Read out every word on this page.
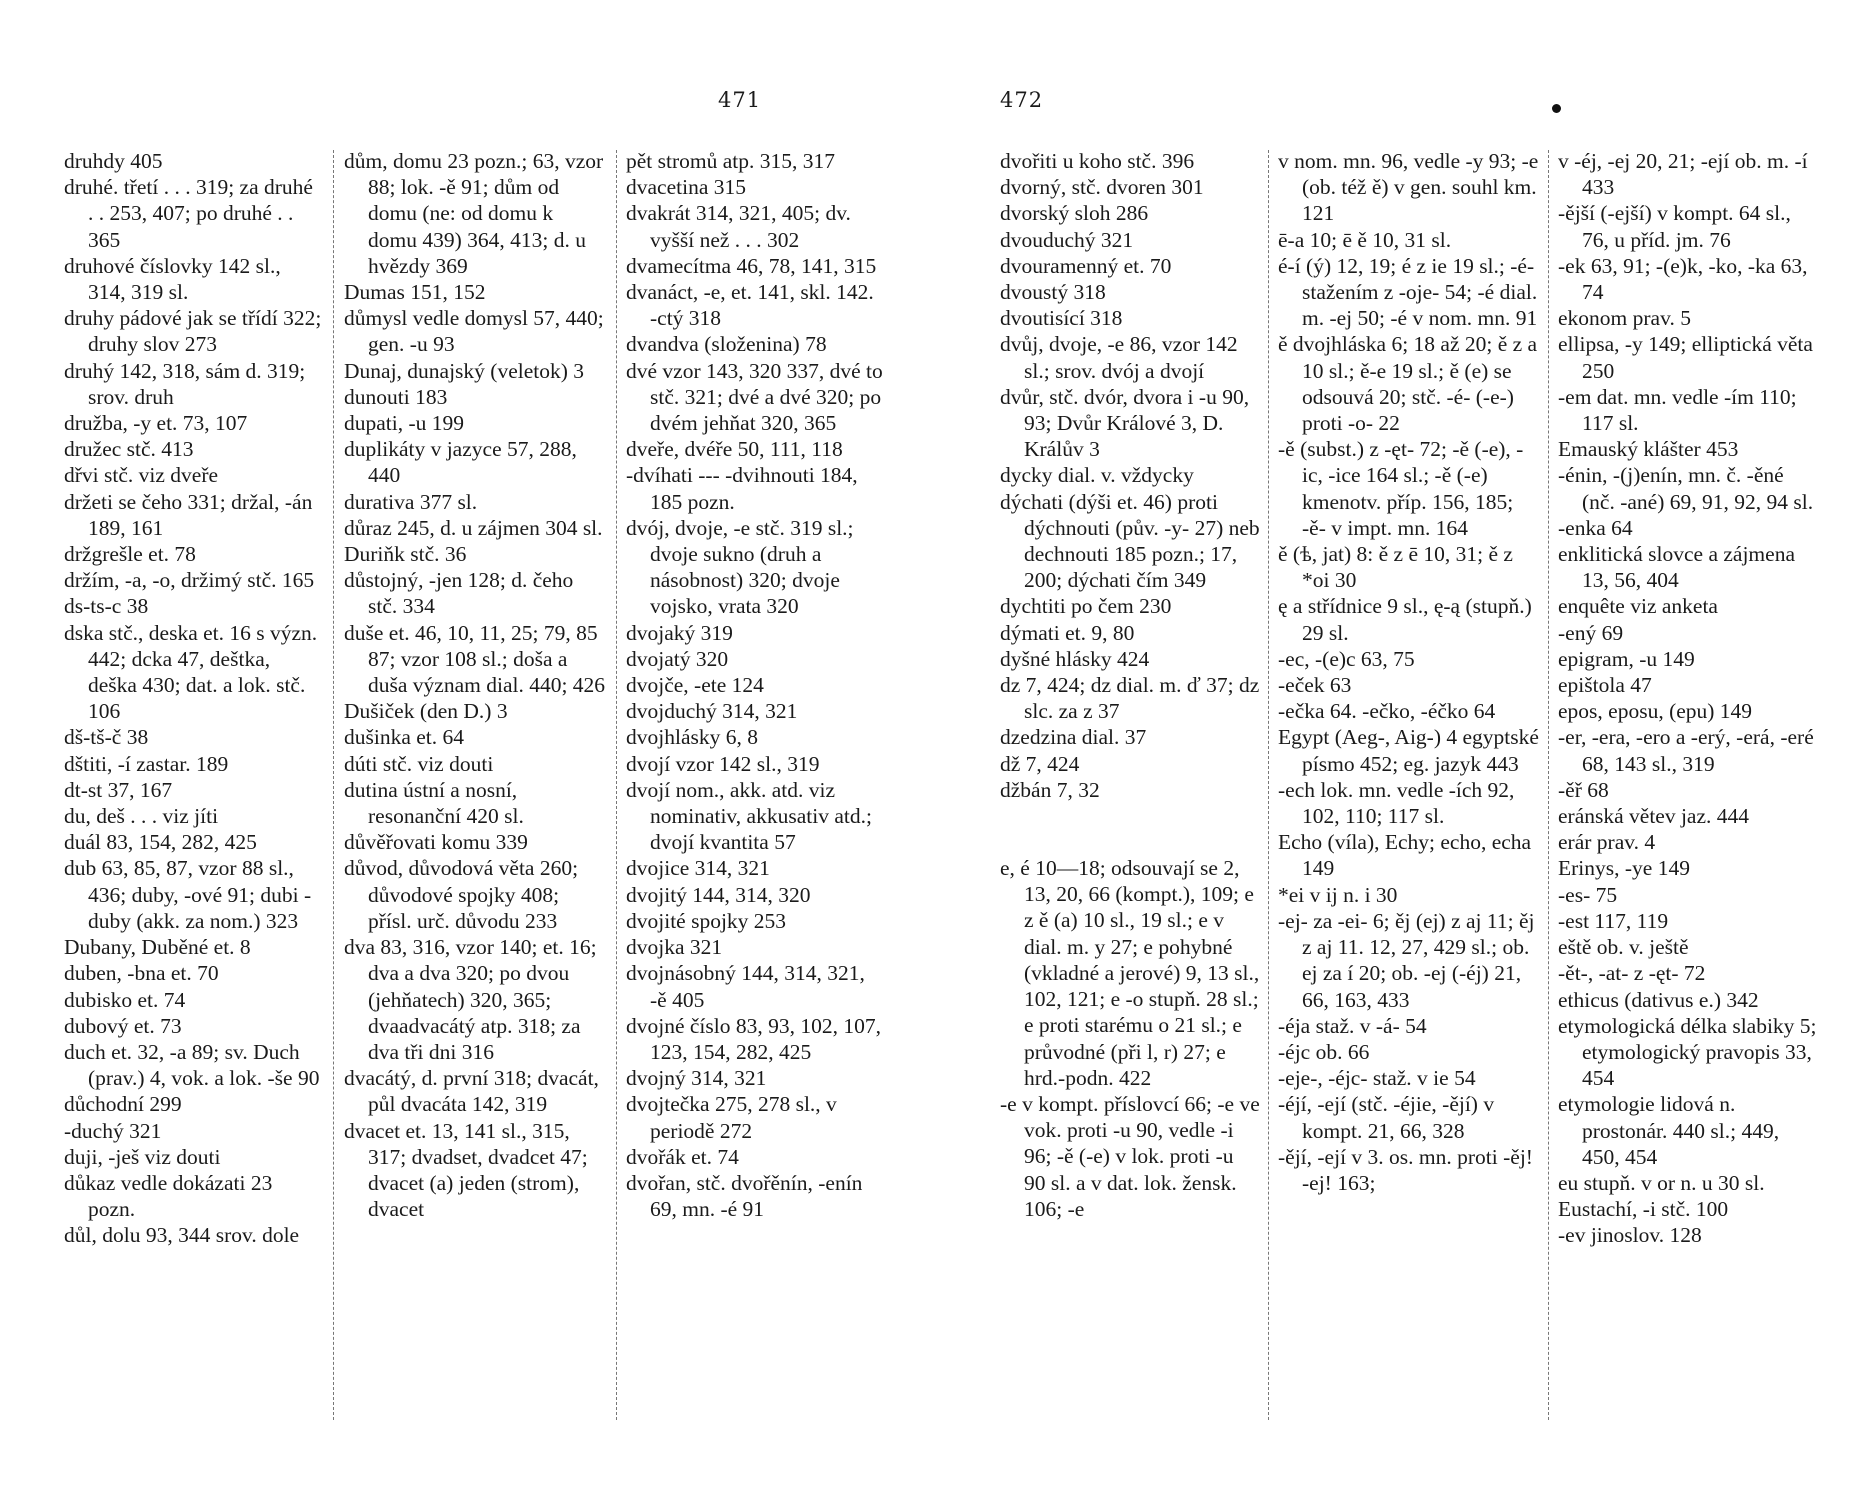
471	472
druhdy 405
druhé. třetí . . . 319; za druhé . . 253, 407; po druhé . . 365
druhové číslovky 142 sl., 314, 319 sl.
druhy pádové jak se třídí 322; druhy slov 273
druhý 142, 318, sám d. 319; srov. druh
družba, -y et. 73, 107
družec stč. 413
dřvi stč. viz dveře
držeti se čeho 331; držal, -án 189, 161
držgrešle et. 78
držím, -a, -o, držimý stč. 165
ds-ts-c 38
dska stč., deska et. 16 s význ. 442; dcka 47, deštka, deška 430; dat. a lok. stč. 106
dš-tš-č 38
dštiti, -í zastar. 189
dt-st 37, 167
du, deš . . . viz jíti
duál 83, 154, 282, 425
dub 63, 85, 87, vzor 88 sl., 436; duby, -ové 91; dubi - duby (akk. za nom.) 323
Dubany, Duběné et. 8
duben, -bna et. 70
dubisko et. 74
dubový et. 73
duch et. 32, -a 89; sv. Duch (prav.) 4, vok. a lok. -še 90
důchodní 299
-duchý 321
duji, -ješ viz douti
důkaz vedle dokázati 23 pozn.
důl, dolu 93, 344 srov. dole
dům, domu 23 pozn.; 63, vzor 88; lok. -ě 91; dům od domu (ne: od domu k domu 439) 364, 413; d. u hvězdy 369
Dumas 151, 152
důmysl vedle domysl 57, 440; gen. -u 93
Dunaj, dunajský (veletok) 3
dunouti 183
dupati, -u 199
duplikáty v jazyce 57, 288, 440
durativa 377 sl.
důraz 245, d. u zájmen 304 sl.
Duriňk stč. 36
důstojný, -jen 128; d. čeho stč. 334
duše et. 46, 10, 11, 25; 79, 85 87; vzor 108 sl.; doša a duša význam dial. 440; 426
Dušiček (den D.) 3
dušinka et. 64
dúti stč. viz douti
dutina ústní a nosní, resonanční 420 sl.
důvěřovati komu 339
důvod, důvodová věta 260; důvodové spojky 408; přísl. urč. důvodu 233
dva 83, 316, vzor 140; et. 16; dva a dva 320; po dvou (jehňatech) 320, 365; dvaadvacátý atp. 318; za dva tři dni 316
dvacátý, d. první 318; dvacát, půl dvacáta 142, 319
dvacet et. 13, 141 sl., 315, 317; dvadset, dvadcet 47; dvacet (a) jeden (strom), dvacet
pět stromů atp. 315, 317
dvacetina 315
dvakrát 314, 321, 405; dv. vyšší než . . . 302
dvamecítma 46, 78, 141, 315
dvanáct, -e, et. 141, skl. 142. -ctý 318
dvandva (složenina) 78
dvé vzor 143, 320 337, dvé to stč. 321; dvé a dvé 320; po dvém jehňat 320, 365
dveře, dvéře 50, 111, 118
-dvíhati --- -dvihnouti 184, 185 pozn.
dvój, dvoje, -e stč. 319 sl.; dvoje sukno (druh a násobnost) 320; dvoje vojsko, vrata 320
dvojaký 319
dvojatý 320
dvojče, -ete 124
dvojduchý 314, 321
dvojhlásky 6, 8
dvojí vzor 142 sl., 319
dvojí nom., akk. atd. viz nominativ, akkusativ atd.; dvojí kvantita 57
dvojice 314, 321
dvojitý 144, 314, 320
dvojité spojky 253
dvojka 321
dvojnásobný 144, 314, 321, -ě 405
dvojné číslo 83, 93, 102, 107, 123, 154, 282, 425
dvojný 314, 321
dvojtečka 275, 278 sl., v periodě 272
dvořák et. 74
dvořan, stč. dvořěnín, -enín 69, mn. -é 91
dvořiti u koho stč. 396
dvorný, stč. dvoren 301
dvorský sloh 286
dvouduchý 321
dvouramenný et. 70
dvoustý 318
dvoutisící 318
dvůj, dvoje, -e 86, vzor 142 sl.; srov. dvój a dvojí
dvůr, stč. dvór, dvora i -u 90, 93; Dvůr Králové 3, D. Králův 3
dycky dial. v. vždycky
dýchati (dýši et. 46) proti dýchnouti (pův. -y- 27) neb dechnouti 185 pozn.; 17, 200; dýchati čím 349
dychtiti po čem 230
dýmati et. 9, 80
dyšné hlásky 424
dz 7, 424; dz dial. m. ď 37; dz slc. za z 37
dzedzina dial. 37
dž 7, 424
džbán 7, 32
e, é 10—18; odsouvají se 2, 13, 20, 66 (kompt.), 109; e z ě (a) 10 sl., 19 sl.; e v dial. m. y 27; e pohybné (vkladné a jerové) 9, 13 sl., 102, 121; e -o stupň. 28 sl.; e proti starému o 21 sl.; e průvodné (při l, r) 27; e hrd.-podn. 422
-e v kompt. příslovcí 66; -e ve vok. proti -u 90, vedle -i 96; -ě (-e) v lok. proti -u 90 sl. a v dat. lok. žensk. 106; -e
v nom. mn. 96, vedle -y 93; -e (ob. též ě) v gen. souhl km. 121
ē-a 10; ē ě 10, 31 sl.
é-í (ý) 12, 19; é z ie 19 sl.; -é- stažením z -oje- 54; -é dial. m. -ej 50; -é v nom. mn. 91
ě dvojhláska 6; 18 až 20; ě z a 10 sl.; ě-e 19 sl.; ě (e) se odsouvá 20; stč. -é- (-e-) proti -o- 22
-ě (subst.) z -ęt- 72; -ě (-e), -ic, -ice 164 sl.; -ě (-e) kmenotv. příp. 156, 185; -ě- v impt. mn. 164
ě (ѣ, jat) 8: ě z ē 10, 31; ě z *oi 30
ę a střídnice 9 sl., ę-ą (stupň.) 29 sl.
-ec, -(e)c 63, 75
-eček 63
-ečka 64. -ečko, -éčko 64
Egypt (Aeg-, Aig-) 4 egyptské písmo 452; eg. jazyk 443
-ech lok. mn. vedle -ích 92, 102, 110; 117 sl.
Echo (víla), Echy; echo, echa 149
*ei v ij n. i 30
-ej- za -ei- 6; ěj (ej) z aj 11; ěj z aj 11. 12, 27, 429 sl.; ob. ej za í 20; ob. -ej (-éj) 21, 66, 163, 433
-éja staž. v -á- 54
-éjc ob. 66
-eje-, -éjc- staž. v ie 54
-éjí, -ejí (stč. -éjie, -ějí) v kompt. 21, 66, 328
-ějí, -ejí v 3. os. mn. proti -ěj! -ej! 163;
v -éj, -ej 20, 21; -ejí ob. m. -í 433
-ější (-ejší) v kompt. 64 sl., 76, u příd. jm. 76
-ek 63, 91; -(e)k, -ko, -ka 63, 74
ekonom prav. 5
ellipsa, -y 149; elliptická věta 250
-em dat. mn. vedle -ím 110; 117 sl.
Emauský klášter 453
-énin, -(j)enín, mn. č. -ěné (nč. -ané) 69, 91, 92, 94 sl.
-enka 64
enklitická slovce a zájmena 13, 56, 404
enquête viz anketa
-ený 69
epigram, -u 149
epištola 47
epos, eposu, (epu) 149
-er, -era, -ero a -erý, -erá, -eré 68, 143 sl., 319
-ěř 68
eránská větev jaz. 444
erár prav. 4
Erinys, -ye 149
-es- 75
-est 117, 119
eště ob. v. ještě
-ět-, -at- z -ęt- 72
ethicus (dativus e.) 342
etymologická délka slabiky 5; etymologický pravopis 33, 454
etymologie lidová n. prostonár. 440 sl.; 449, 450, 454
eu stupň. v or n. u 30 sl.
Eustachí, -i stč. 100
-ev jinoslov. 128
